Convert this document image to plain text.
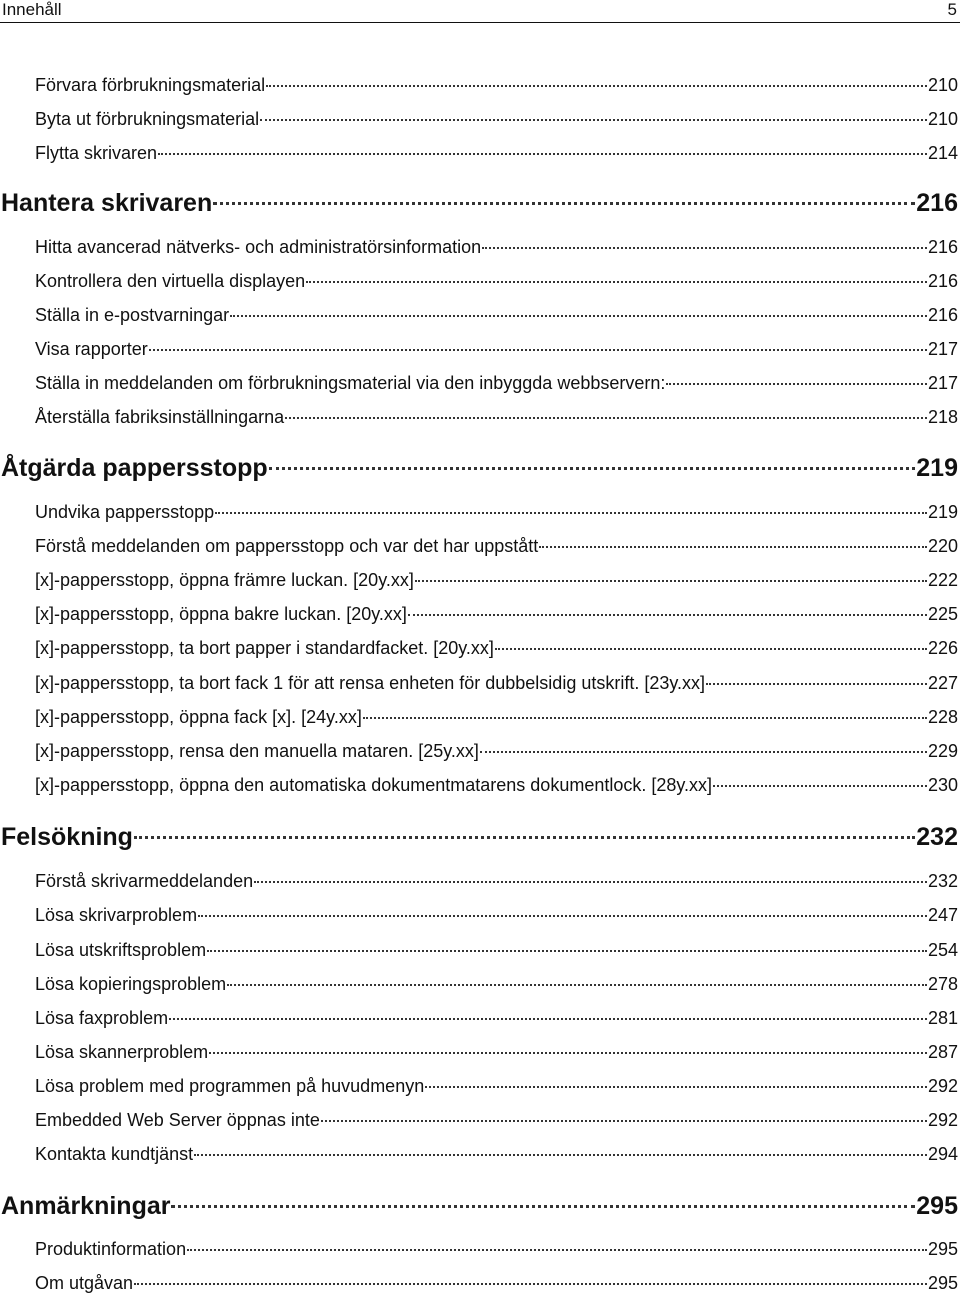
Innehåll	5
Förvara förbrukningsmaterial	210
Byta ut förbrukningsmaterial	210
Flytta skrivaren	214
Hantera skrivaren	216
Hitta avancerad nätverks- och administratörsinformation	216
Kontrollera den virtuella displayen	216
Ställa in e-postvarningar	216
Visa rapporter	217
Ställa in meddelanden om förbrukningsmaterial via den inbyggda webbservern:	217
Återställa fabriksinställningarna	218
Åtgärda pappersstopp	219
Undvika pappersstopp	219
Förstå meddelanden om pappersstopp och var det har uppstått	220
[x]‑pappersstopp, öppna främre luckan. [20y.xx]	222
[x]‑pappersstopp, öppna bakre luckan. [20y.xx]	225
[x]‑pappersstopp, ta bort papper i standardfacket. [20y.xx]	226
[x]‑pappersstopp, ta bort fack 1 för att rensa enheten för dubbelsidig utskrift. [23y.xx]	227
[x]‑pappersstopp, öppna fack [x]. [24y.xx]	228
[x]‑pappersstopp, rensa den manuella mataren. [25y.xx]	229
[x]‑pappersstopp, öppna den automatiska dokumentmatarens dokumentlock. [28y.xx]	230
Felsökning	232
Förstå skrivarmeddelanden	232
Lösa skrivarproblem	247
Lösa utskriftsproblem	254
Lösa kopieringsproblem	278
Lösa faxproblem	281
Lösa skannerproblem	287
Lösa problem med programmen på huvudmenyn	292
Embedded Web Server öppnas inte	292
Kontakta kundtjänst	294
Anmärkningar	295
Produktinformation	295
Om utgåvan	295
